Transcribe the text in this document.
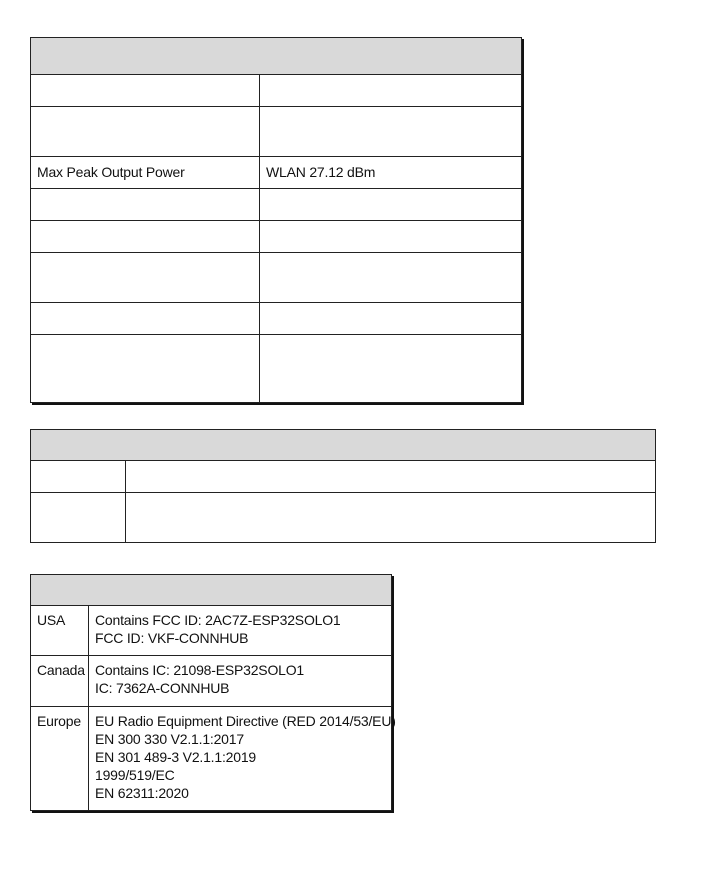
Max Peak Output Power	WLAN 27.12 dBm

USA	Contains FCC ID: 2AC7Z-ESP32SOLO1
FCC ID: VKF-CONNHUB

Canada	Contains IC: 21098-ESP32SOLO1
IC: 7362A-CONNHUB

Europe	EU Radio Equipment Directive (RED 2014/53/EU)
EN 300 330 V2.1.1:2017
EN 301 489-3 V2.1.1:2019
1999/519/EC
EN 62311:2020
